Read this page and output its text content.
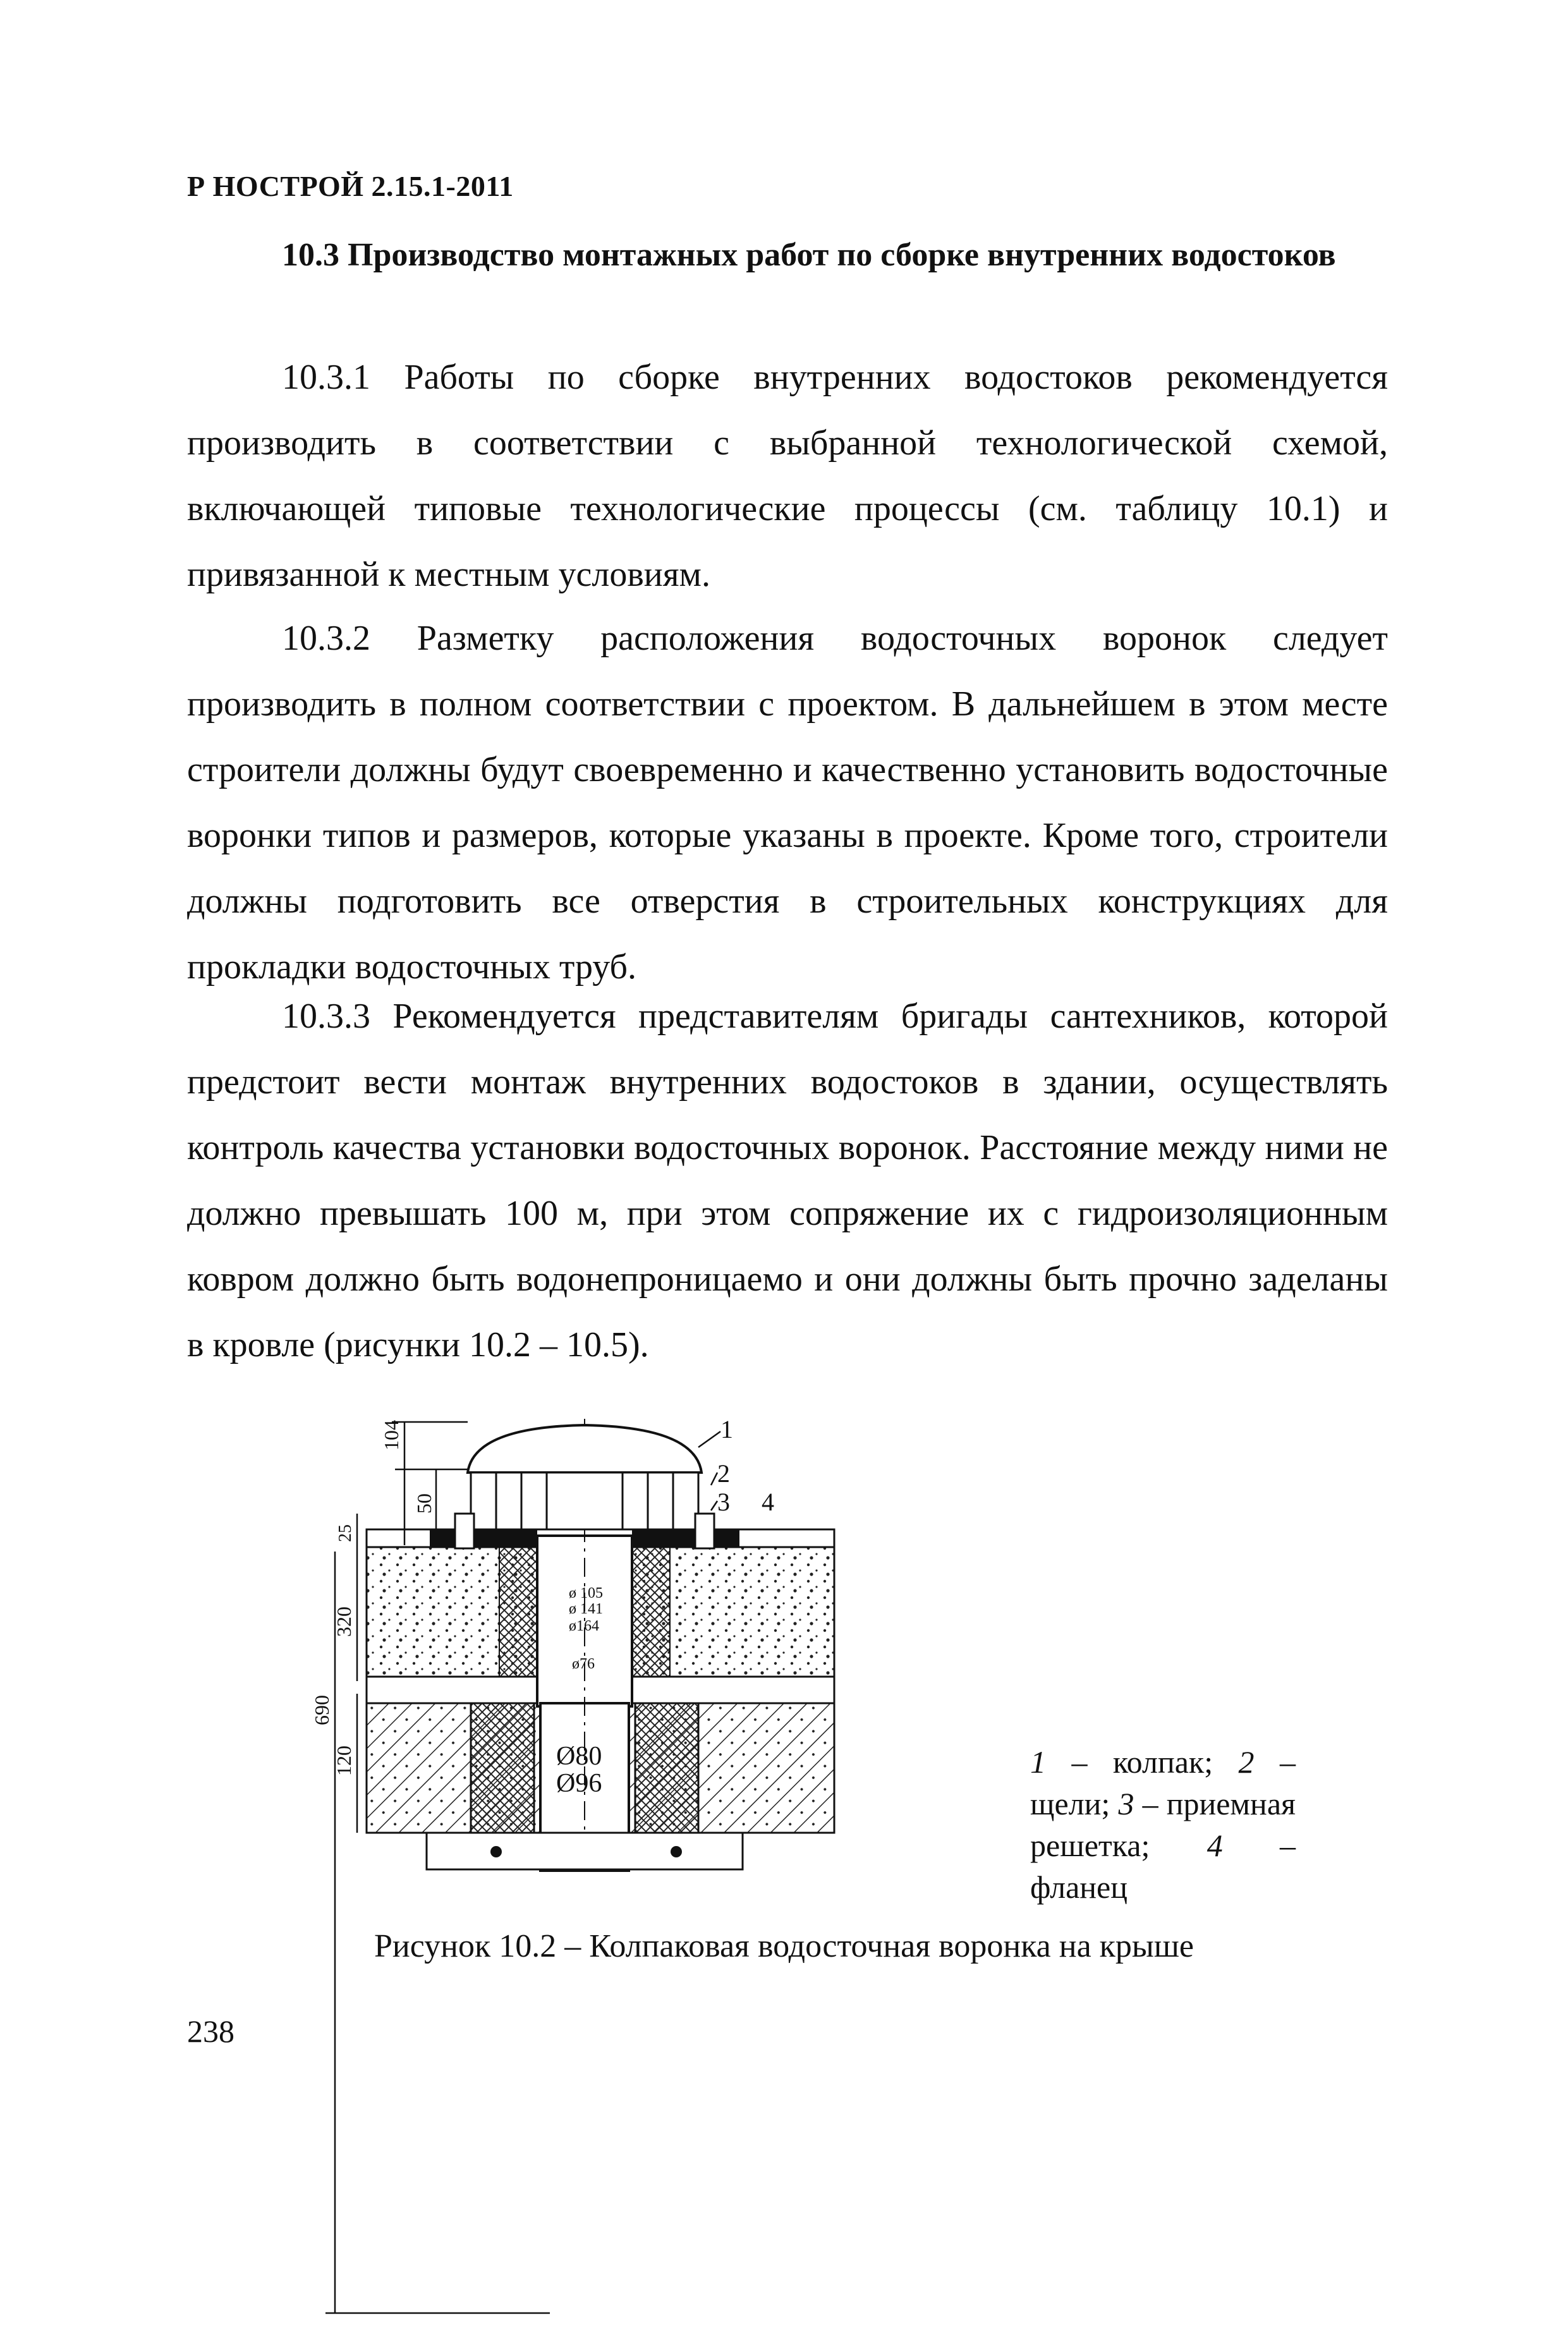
Р НОСТРОЙ 2.15.1-2011
10.3 Производство монтажных работ по сборке внутренних водостоков
10.3.1 Работы по сборке внутренних водостоков рекомендуется производить в соответствии с выбранной технологической схемой, включающей типовые технологические процессы (см. таблицу 10.1) и привязанной к местным условиям.
10.3.2 Разметку расположения водосточных воронок следует производить в полном соответствии с проектом. В дальнейшем в этом месте строители должны будут своевременно и качественно установить водосточные воронки типов и размеров, которые указаны в проекте. Кроме того, строители должны подготовить все отверстия в строительных конструкциях для прокладки водосточных труб.
10.3.3 Рекомендуется представителям бригады сантехников, которой предстоит вести монтаж внутренних водостоков в здании, осуществлять контроль качества установки водосточных воронок. Расстояние между ними не должно превышать 100 м, при этом сопряжение их с гидроизоляционным ковром должно быть водонепроницаемо и они должны быть прочно заделаны в кровле (рисунки 10.2 – 10.5).
104
50
25
320
690
120
ø 105
ø 141
ø164
ø76
Ø80
Ø96
1
2
3 4
1 – колпак; 2 – щели; 3 – приемная решетка; 4 – фланец
Рисунок 10.2 – Колпаковая водосточная воронка на крыше
238
